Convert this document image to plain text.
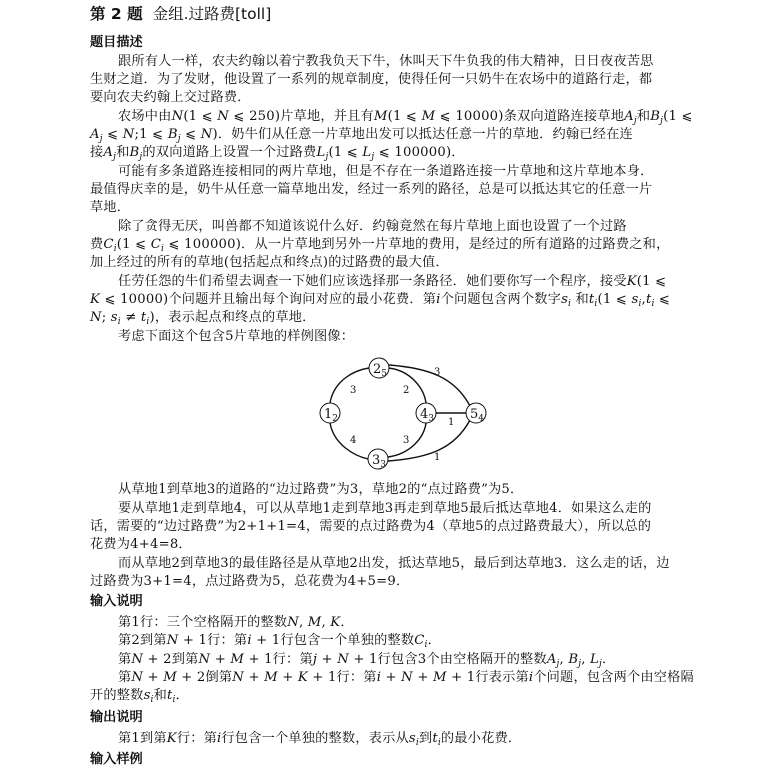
第 2 题 金组.过路费[toll]
题目描述
跟所有人一样，农夫约翰以着宁教我负天下牛，休叫天下牛负我的伟大精神，日日夜夜苦思
生财之道．为了发财，他设置了一系列的规章制度，使得任何一只奶牛在农场中的道路行走，都
要向农夫约翰上交过路费．
农场中由N(1 ⩽ N ⩽ 250)片草地，并且有M(1 ⩽ M ⩽ 10000)条双向道路连接草地$A_j$和$B_j(1$ ⩽
$A_j$ ⩽ N;1 ⩽ $B_j$ ⩽ N)．奶牛们从任意一片草地出发可以抵达任意一片的草地．约翰已经在连
接$A_j$和$B_j$的双向道路上设置一个过路费$L_j(1$ ⩽ $L_j$ ⩽ 100000)．
可能有多条道路连接相同的两片草地，但是不存在一条道路连接一片草地和这片草地本身．
最值得庆幸的是，奶牛从任意一篇草地出发，经过一系列的路径，总是可以抵达其它的任意一片
草地．
除了贪得无厌，叫兽都不知道该说什么好．约翰竟然在每片草地上面也设置了一个过路
费$C_i(1$ ⩽ $C_i$ ⩽ 100000)．从一片草地到另外一片草地的费用，是经过的所有道路的过路费之和，
加上经过的所有的草地(包括起点和终点)的过路费的最大值．
任劳任怨的牛们希望去调查一下她们应该选择那一条路径．她们要你写一个程序，接受K(1 ⩽
K ⩽ 10000)个问题并且输出每个询问对应的最小花费．第i个问题包含两个数字$s_i$ 和$t_i(1$ ⩽ $s_i,t_i$ ⩽
N; $s_i \ne t_i$)，表示起点和终点的草地．
考虑下面这个包含5片草地的样例图像：
$1_2$
$2_5$
$3_3$
$4_3$	$5_4$
3
4
2
3
3
1
1
从草地1到草地3的道路的“边过路费”为3，草地2的“点过路费”为5．
要从草地1走到草地4，可以从草地1走到草地3再走到草地5最后抵达草地4．如果这么走的
话，需要的“边过路费”为2+1+1=4，需要的点过路费为4（草地5的点过路费最大），所以总的
花费为4+4=8．
而从草地2到草地3的最佳路径是从草地2出发，抵达草地5，最后到达草地3．这么走的话，边
过路费为3+1=4，点过路费为5，总花费为4+5=9．
输入说明
第1行：三个空格隔开的整数N, M, K．
第2到第N + 1行：第i + 1行包含一个单独的整数$C_i$．
第N + 2到第N + M + 1行：第j + N + 1行包含3个由空格隔开的整数$A_j$, $B_j$, $L_j$．
第N + M + 2倒第N + M + K + 1行：第i + N + M + 1行表示第i个问题，包含两个由空格隔
开的整数$s_i$和$t_i$．
输出说明
第1到第K行：第i行包含一个单独的整数，表示从$s_i$到$t_i$的最小花费．
输入样例
